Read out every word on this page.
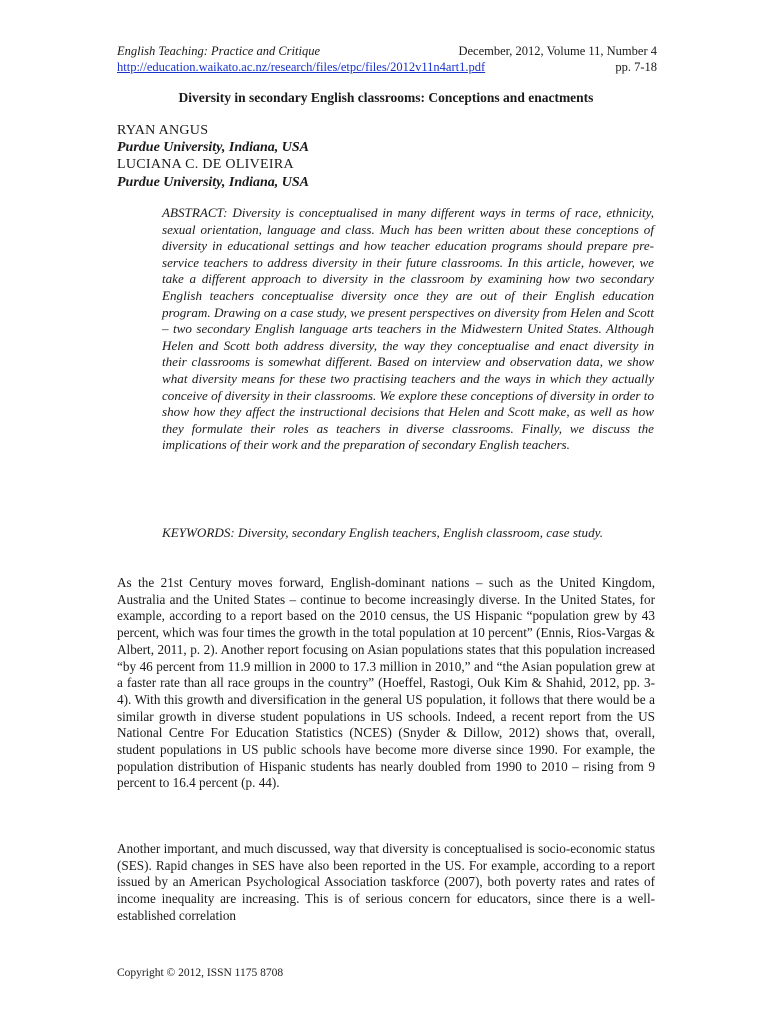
English Teaching: Practice and Critique	December, 2012, Volume 11, Number 4
http://education.waikato.ac.nz/research/files/etpc/files/2012v11n4art1.pdf	pp. 7-18
Diversity in secondary English classrooms: Conceptions and enactments
RYAN ANGUS
Purdue University, Indiana, USA
LUCIANA C. DE OLIVEIRA
Purdue University, Indiana, USA

ABSTRACT: Diversity is conceptualised in many different ways in terms of race, ethnicity, sexual orientation, language and class. Much has been written about these conceptions of diversity in educational settings and how teacher education programs should prepare pre-service teachers to address diversity in their future classrooms. In this article, however, we take a different approach to diversity in the classroom by examining how two secondary English teachers conceptualise diversity once they are out of their English education program. Drawing on a case study, we present perspectives on diversity from Helen and Scott – two secondary English language arts teachers in the Midwestern United States. Although Helen and Scott both address diversity, the way they conceptualise and enact diversity in their classrooms is somewhat different. Based on interview and observation data, we show what diversity means for these two practising teachers and the ways in which they actually conceive of diversity in their classrooms. We explore these conceptions of diversity in order to show how they affect the instructional decisions that Helen and Scott make, as well as how they formulate their roles as teachers in diverse classrooms. Finally, we discuss the implications of their work and the preparation of secondary English teachers.

KEYWORDS: Diversity, secondary English teachers, English classroom, case study.

As the 21st Century moves forward, English-dominant nations – such as the United Kingdom, Australia and the United States – continue to become increasingly diverse. In the United States, for example, according to a report based on the 2010 census, the US Hispanic “population grew by 43 percent, which was four times the growth in the total population at 10 percent” (Ennis, Rios-Vargas & Albert, 2011, p. 2). Another report focusing on Asian populations states that this population increased “by 46 percent from 11.9 million in 2000 to 17.3 million in 2010,” and “the Asian population grew at a faster rate than all race groups in the country” (Hoeffel, Rastogi, Ouk Kim & Shahid, 2012, pp. 3-4). With this growth and diversification in the general US population, it follows that there would be a similar growth in diverse student populations in US schools. Indeed, a recent report from the US National Centre For Education Statistics (NCES) (Snyder & Dillow, 2012) shows that, overall, student populations in US public schools have become more diverse since 1990. For example, the population distribution of Hispanic students has nearly doubled from 1990 to 2010 – rising from 9 percent to 16.4 percent (p. 44).

Another important, and much discussed, way that diversity is conceptualised is socio-economic status (SES). Rapid changes in SES have also been reported in the US. For example, according to a report issued by an American Psychological Association taskforce (2007), both poverty rates and rates of income inequality are increasing. This is of serious concern for educators, since there is a well-established correlation

Copyright © 2012, ISSN 1175 8708
